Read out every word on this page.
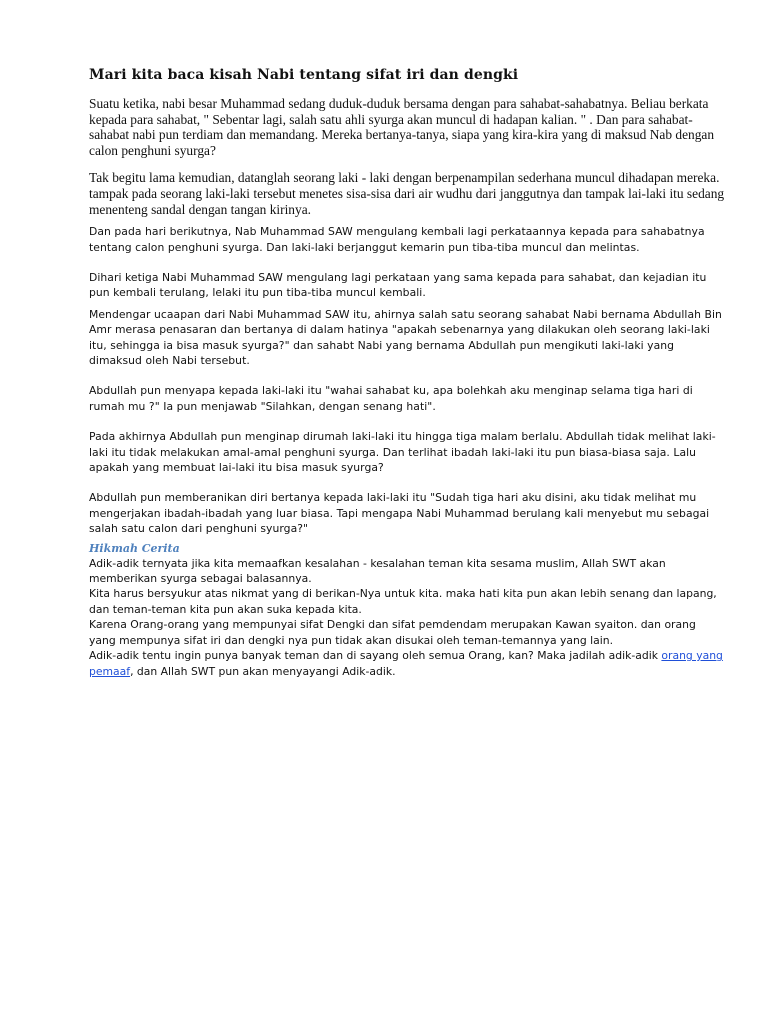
Mari kita baca kisah Nabi tentang sifat iri dan dengki

Suatu ketika, nabi besar Muhammad sedang duduk-duduk bersama dengan para sahabat-sahabatnya. Beliau berkata kepada para sahabat, " Sebentar lagi, salah satu ahli syurga akan muncul di hadapan kalian. " . Dan para sahabat-sahabat nabi pun terdiam dan memandang. Mereka bertanya-tanya, siapa yang kira-kira yang di maksud Nab dengan calon penghuni syurga?

Tak begitu lama kemudian, datanglah seorang laki - laki dengan berpenampilan sederhana muncul dihadapan mereka. tampak pada seorang laki-laki tersebut menetes sisa-sisa dari air wudhu dari janggutnya dan tampak lai-laki itu sedang menenteng sandal dengan tangan kirinya.

Dan pada hari berikutnya, Nab Muhammad SAW mengulang kembali lagi perkataannya kepada para sahabatnya tentang calon penghuni syurga. Dan laki-laki berjanggut kemarin pun tiba-tiba muncul dan melintas.

Dihari ketiga Nabi Muhammad SAW mengulang lagi perkataan yang sama kepada para sahabat, dan kejadian itu pun kembali terulang, lelaki itu pun tiba-tiba muncul kembali.

Mendengar ucaapan dari Nabi Muhammad SAW itu, ahirnya salah satu seorang sahabat Nabi bernama Abdullah Bin Amr merasa penasaran dan bertanya di dalam hatinya "apakah sebenarnya yang dilakukan oleh seorang laki-laki itu, sehingga ia bisa masuk syurga?" dan sahabt Nabi yang bernama Abdullah pun mengikuti laki-laki yang dimaksud oleh Nabi tersebut.

Abdullah pun menyapa kepada laki-laki itu "wahai sahabat ku, apa bolehkah aku menginap selama tiga hari di rumah mu ?" Ia pun menjawab "Silahkan, dengan senang hati".

Pada akhirnya Abdullah pun menginap dirumah laki-laki itu hingga tiga malam berlalu. Abdullah tidak melihat laki-laki itu tidak melakukan amal-amal penghuni syurga. Dan terlihat ibadah laki-laki itu pun biasa-biasa saja. Lalu apakah yang membuat lai-laki itu bisa masuk syurga?

Abdullah pun memberanikan diri bertanya kepada laki-laki itu "Sudah tiga hari aku disini, aku tidak melihat mu mengerjakan ibadah-ibadah yang luar biasa. Tapi mengapa Nabi Muhammad berulang kali menyebut mu sebagai salah satu calon dari penghuni syurga?"

Hikmah Cerita

Adik-adik ternyata jika kita memaafkan kesalahan - kesalahan teman kita sesama muslim, Allah SWT akan memberikan syurga sebagai balasannya.

Kita harus bersyukur atas nikmat yang di berikan-Nya untuk kita. maka hati kita pun akan lebih senang dan lapang, dan teman-teman kita pun akan suka kepada kita.

Karena Orang-orang yang mempunyai sifat Dengki dan sifat pemdendam merupakan Kawan syaiton. dan orang yang mempunya sifat iri dan dengki nya pun tidak akan disukai oleh teman-temannya yang lain.

Adik-adik tentu ingin punya banyak teman dan di sayang oleh semua Orang, kan? Maka jadilah adik-adik orang yang pemaaf, dan Allah SWT pun akan menyayangi Adik-adik.
